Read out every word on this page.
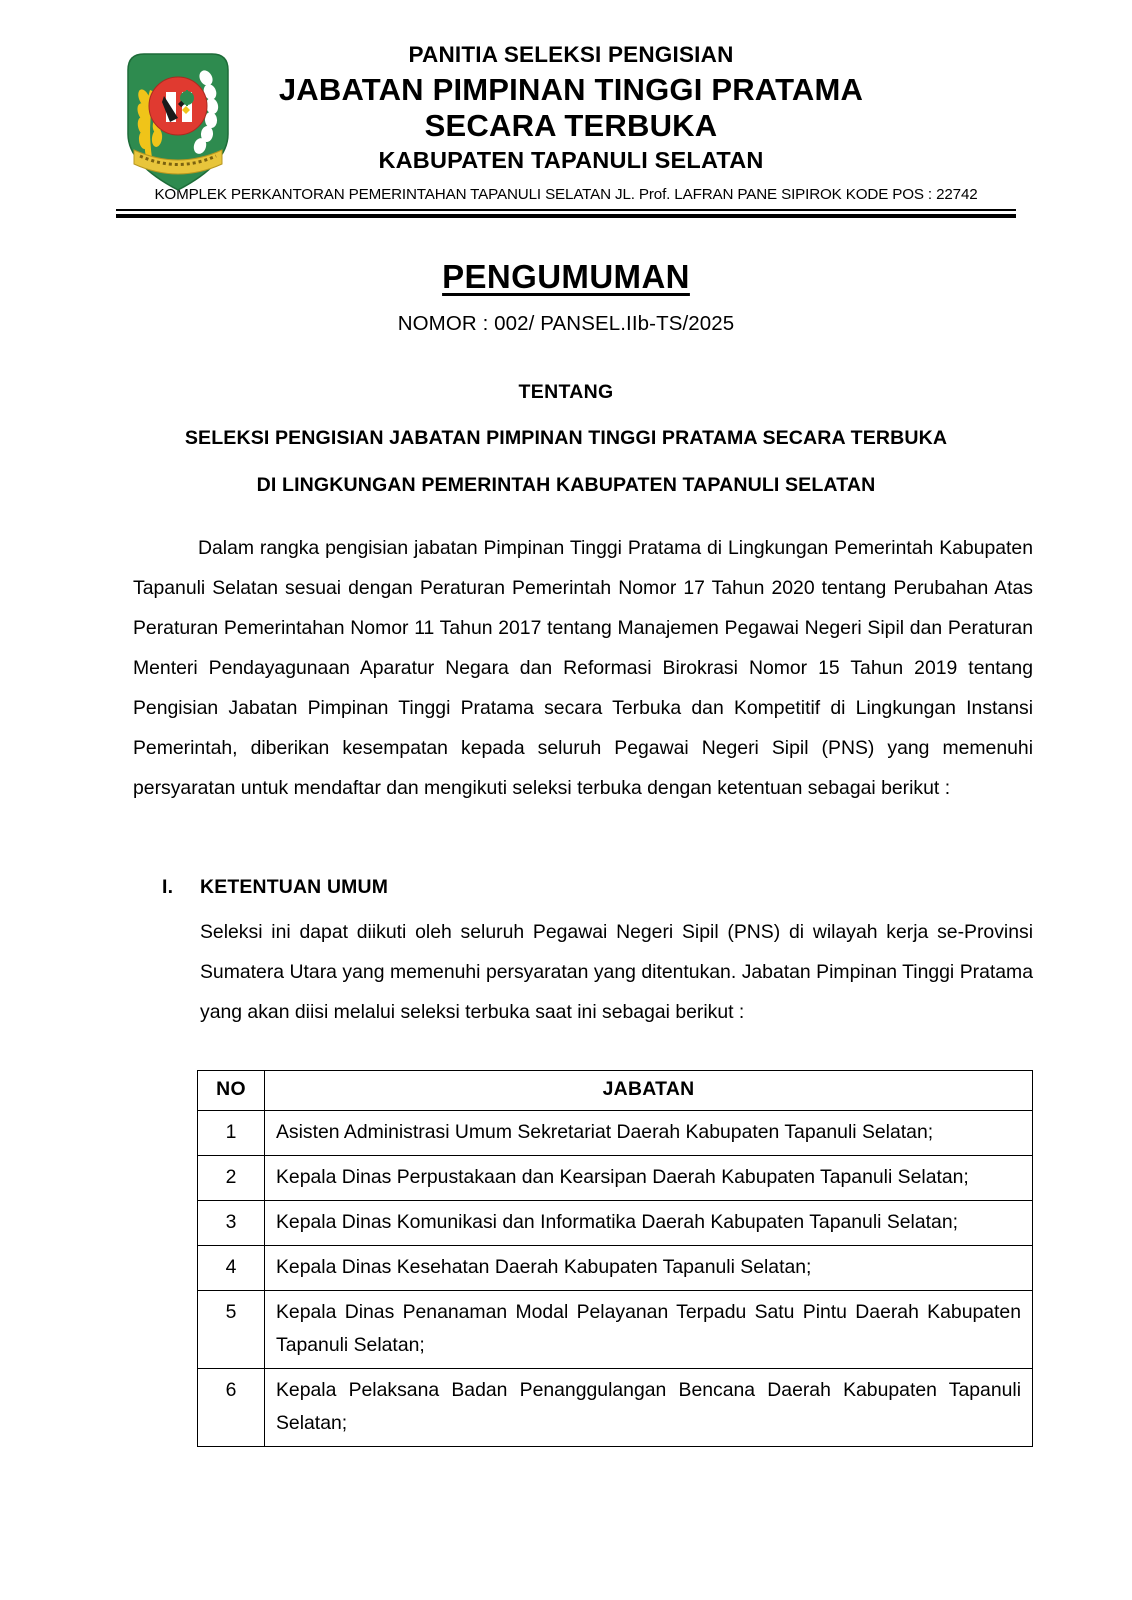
PANITIA SELEKSI PENGISIAN
JABATAN PIMPINAN TINGGI PRATAMA
SECARA TERBUKA
KABUPATEN TAPANULI SELATAN
KOMPLEK PERKANTORAN PEMERINTAHAN TAPANULI SELATAN JL. Prof. LAFRAN PANE SIPIROK KODE POS : 22742
PENGUMUMAN
NOMOR : 002/ PANSEL.IIb-TS/2025
TENTANG
SELEKSI PENGISIAN JABATAN PIMPINAN TINGGI PRATAMA SECARA TERBUKA
DI LINGKUNGAN PEMERINTAH KABUPATEN TAPANULI SELATAN
Dalam rangka pengisian jabatan Pimpinan Tinggi Pratama di Lingkungan Pemerintah Kabupaten Tapanuli Selatan sesuai dengan Peraturan Pemerintah Nomor 17 Tahun 2020 tentang Perubahan Atas Peraturan Pemerintahan Nomor 11 Tahun 2017 tentang Manajemen Pegawai Negeri Sipil dan Peraturan Menteri Pendayagunaan Aparatur Negara dan Reformasi Birokrasi Nomor 15 Tahun 2019 tentang Pengisian Jabatan Pimpinan Tinggi Pratama secara Terbuka dan Kompetitif di Lingkungan Instansi Pemerintah, diberikan kesempatan kepada seluruh Pegawai Negeri Sipil (PNS) yang memenuhi persyaratan untuk mendaftar dan mengikuti seleksi terbuka dengan ketentuan sebagai berikut :
I. KETENTUAN UMUM
Seleksi ini dapat diikuti oleh seluruh Pegawai Negeri Sipil (PNS) di wilayah kerja se-Provinsi Sumatera Utara yang memenuhi persyaratan yang ditentukan. Jabatan Pimpinan Tinggi Pratama yang akan diisi melalui seleksi terbuka saat ini sebagai berikut :
NO	JABATAN
1	Asisten Administrasi Umum Sekretariat Daerah Kabupaten Tapanuli Selatan;
2	Kepala Dinas Perpustakaan dan Kearsipan Daerah Kabupaten Tapanuli Selatan;
3	Kepala Dinas Komunikasi dan Informatika Daerah Kabupaten Tapanuli Selatan;
4	Kepala Dinas Kesehatan Daerah Kabupaten Tapanuli Selatan;
5	Kepala Dinas Penanaman Modal Pelayanan Terpadu Satu Pintu Daerah Kabupaten Tapanuli Selatan;
6	Kepala Pelaksana Badan Penanggulangan Bencana Daerah Kabupaten Tapanuli Selatan;
